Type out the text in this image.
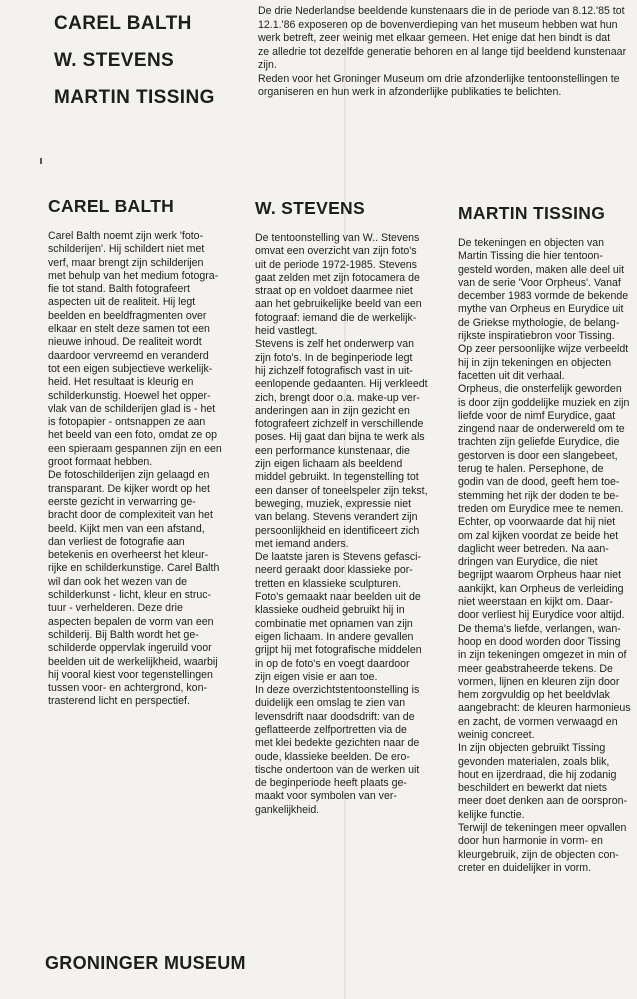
CAREL BALTH
W. STEVENS
MARTIN TISSING
De drie Nederlandse beeldende kunstenaars die in de periode van 8.12.'85 tot
12.1.'86 exposeren op de bovenverdieping van het museum hebben wat hun
werk betreft, zeer weinig met elkaar gemeen. Het enige dat hen bindt is dat
ze alledrie tot dezelfde generatie behoren en al lange tijd beeldend kunstenaar
zijn.
Reden voor het Groninger Museum om drie afzonderlijke tentoonstellingen te
organiseren en hun werk in afzonderlijke publikaties te belichten.
CAREL BALTH

Carel Balth noemt zijn werk 'foto-
schilderijen'. Hij schildert niet met
verf, maar brengt zijn schilderijen
met behulp van het medium fotogra-
fie tot stand. Balth fotografeert
aspecten uit de realiteit. Hij legt
beelden en beeldfragmenten over
elkaar en stelt deze samen tot een
nieuwe inhoud. De realiteit wordt
daardoor vervreemd en veranderd
tot een eigen subjectieve werkelijk-
heid. Het resultaat is kleurig en
schilderkunstig. Hoewel het opper-
vlak van de schilderijen glad is - het
is fotopapier - ontsnappen ze aan
het beeld van een foto, omdat ze op
een spieraam gespannen zijn en een
groot formaat hebben.
De fotoschilderijen zijn gelaagd en
transparant. De kijker wordt op het
eerste gezicht in verwarring ge-
bracht door de complexiteit van het
beeld. Kijkt men van een afstand,
dan verliest de fotografie aan
betekenis en overheerst het kleur-
rijke en schilderkunstige. Carel Balth
wil dan ook het wezen van de
schilderkunst - licht, kleur en struc-
tuur - verhelderen. Deze drie
aspecten bepalen de vorm van een
schilderij. Bij Balth wordt het ge-
schilderde oppervlak ingeruild voor
beelden uit de werkelijkheid, waarbij
hij vooral kiest voor tegenstellingen
tussen voor- en achtergrond, kon-
trasterend licht en perspectief.

W. STEVENS

De tentoonstelling van W.. Stevens
omvat een overzicht van zijn foto's
uit de periode 1972-1985. Stevens
gaat zelden met zijn fotocamera de
straat op en voldoet daarmee niet
aan het gebruikelijke beeld van een
fotograaf: iemand die de werkelijk-
heid vastlegt.
Stevens is zelf het onderwerp van
zijn foto's. In de beginperiode legt
hij zichzelf fotografisch vast in uit-
eenlopende gedaanten. Hij verkleedt
zich, brengt door o.a. make-up ver-
anderingen aan in zijn gezicht en
fotografeert zichzelf in verschillende
poses. Hij gaat dan bijna te werk als
een performance kunstenaar, die
zijn eigen lichaam als beeldend
middel gebruikt. In tegenstelling tot
een danser of toneelspeler zijn tekst,
beweging, muziek, expressie niet
van belang. Stevens verandert zijn
persoonlijkheid en identificeert zich
met iemand anders.
De laatste jaren is Stevens gefasci-
neerd geraakt door klassieke por-
tretten en klassieke sculpturen.
Foto's gemaakt naar beelden uit de
klassieke oudheid gebruikt hij in
combinatie met opnamen van zijn
eigen lichaam. In andere gevallen
grijpt hij met fotografische middelen
in op de foto's en voegt daardoor
zijn eigen visie er aan toe.
In deze overzichtstentoonstelling is
duidelijk een omslag te zien van
levensdrift naar doodsdrift: van de
geflatteerde zelfportretten via de
met klei bedekte gezichten naar de
oude, klassieke beelden. De ero-
tische ondertoon van de werken uit
de beginperiode heeft plaats ge-
maakt voor symbolen van ver-
gankelijkheid.

MARTIN TISSING

De tekeningen en objecten van
Martin Tissing die hier tentoon-
gesteld worden, maken alle deel uit
van de serie 'Voor Orpheus'. Vanaf
december 1983 vormde de bekende
mythe van Orpheus en Eurydice uit
de Griekse mythologie, de belang-
rijkste inspiratiebron voor Tissing.
Op zeer persoonlijke wijze verbeeldt
hij in zijn tekeningen en objecten
facetten uit dit verhaal.
Orpheus, die onsterfelijk geworden
is door zijn goddelijke muziek en zijn
liefde voor de nimf Eurydice, gaat
zingend naar de onderwereld om te
trachten zijn geliefde Eurydice, die
gestorven is door een slangebeet,
terug te halen. Persephone, de
godin van de dood, geeft hem toe-
stemming het rijk der doden te be-
treden om Eurydice mee te nemen.
Echter, op voorwaarde dat hij niet
om zal kijken voordat ze beide het
daglicht weer betreden. Na aan-
dringen van Eurydice, die niet
begrijpt waarom Orpheus haar niet
aankijkt, kan Orpheus de verleiding
niet weerstaan en kijkt om. Daar-
door verliest hij Eurydice voor altijd.
De thema's liefde, verlangen, wan-
hoop en dood worden door Tissing
in zijn tekeningen omgezet in min of
meer geabstraheerde tekens. De
vormen, lijnen en kleuren zijn door
hem zorgvuldig op het beeldvlak
aangebracht: de kleuren harmonieus
en zacht, de vormen verwaagd en
weinig concreet.
In zijn objecten gebruikt Tissing
gevonden materialen, zoals blik,
hout en ijzerdraad, die hij zodanig
beschildert en bewerkt dat niets
meer doet denken aan de oorspron-
kelijke functie.
Terwijl de tekeningen meer opvallen
door hun harmonie in vorm- en
kleurgebruik, zijn de objecten con-
creter en duidelijker in vorm.

GRONINGER MUSEUM
